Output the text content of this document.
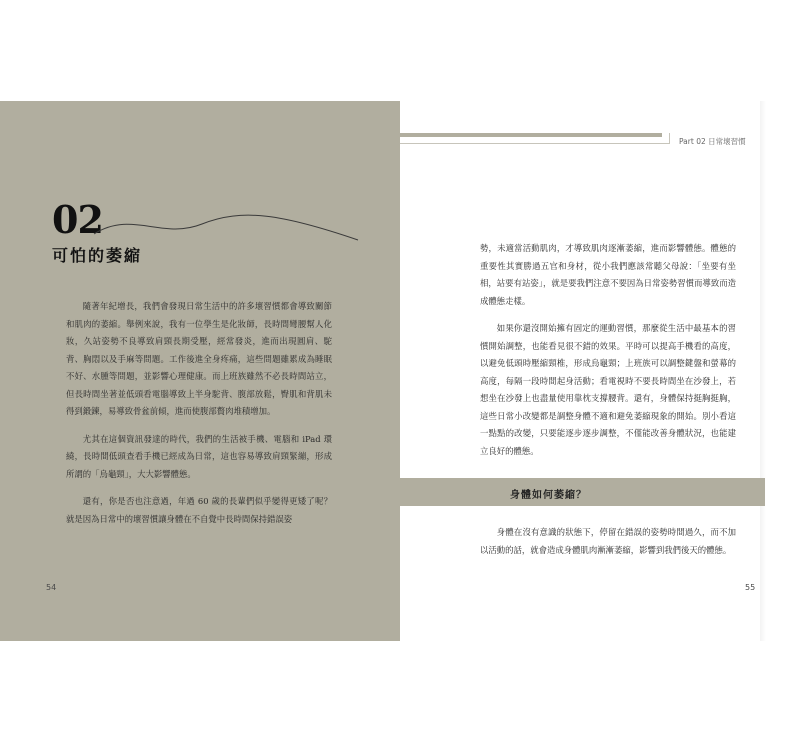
02
可怕的萎縮

隨著年紀增長，我們會發現日常生活中的許多壞習慣都會導致關節和肌肉的萎縮。舉例來說，我有一位學生是化妝師，長時間彎腰幫人化妝，久站姿勢不良導致肩頸長期受壓，經常發炎，進而出現圓肩、駝背、胸悶以及手麻等問題。工作後進全身疼痛，這些問題雖累成為睡眠不好、水腫等問題，並影響心理健康。而上班族雖然不必長時間站立，但長時間坐著並低頭看電腦導致上半身駝背、腹部放鬆，臀肌和背肌未得到鍛鍊，易導致骨盆前傾，進而使腹部贅肉堆積增加。

尤其在這個資訊發達的時代，我們的生活被手機、電腦和 iPad 環繞，長時間低頭查看手機已經成為日常，這也容易導致肩頸緊繃，形成所謂的「烏龜頸」，大大影響體態。

還有，你是否也注意過，年過 60 歲的長輩們似乎變得更矮了呢？就是因為日常中的壞習慣讓身體在不自覺中長時間保持錯誤姿

54
Part 02 日常壞習慣

勢，未適當活動肌肉，才導致肌肉逐漸萎縮，進而影響體態。體態的重要性其實勝過五官和身材，從小我們應該常聽父母說：「坐要有坐相，站要有站姿」，就是要我們注意不要因為日常姿勢習慣而導致而造成體態走樣。

如果你還沒開始擁有固定的運動習慣，那麼從生活中最基本的習慣開始調整，也能看見很不錯的效果。平時可以提高手機看的高度，以避免低頭時壓縮頸椎，形成烏龜頸；上班族可以調整鍵盤和螢幕的高度，每隔一段時間起身活動；看電視時不要長時間坐在沙發上，若想坐在沙發上也盡量使用靠枕支撐腰背。還有，身體保持挺胸挺胸，這些日常小改變都是調整身體不適和避免萎縮現象的開始。別小看這一點點的改變，只要能逐步逐步調整，不僅能改善身體狀況，也能建立良好的體態。

身體如何萎縮？

身體在沒有意識的狀態下，停留在錯誤的姿勢時間過久，而不加以活動的話，就會造成身體肌肉漸漸萎縮，影響到我們後天的體態。

55
